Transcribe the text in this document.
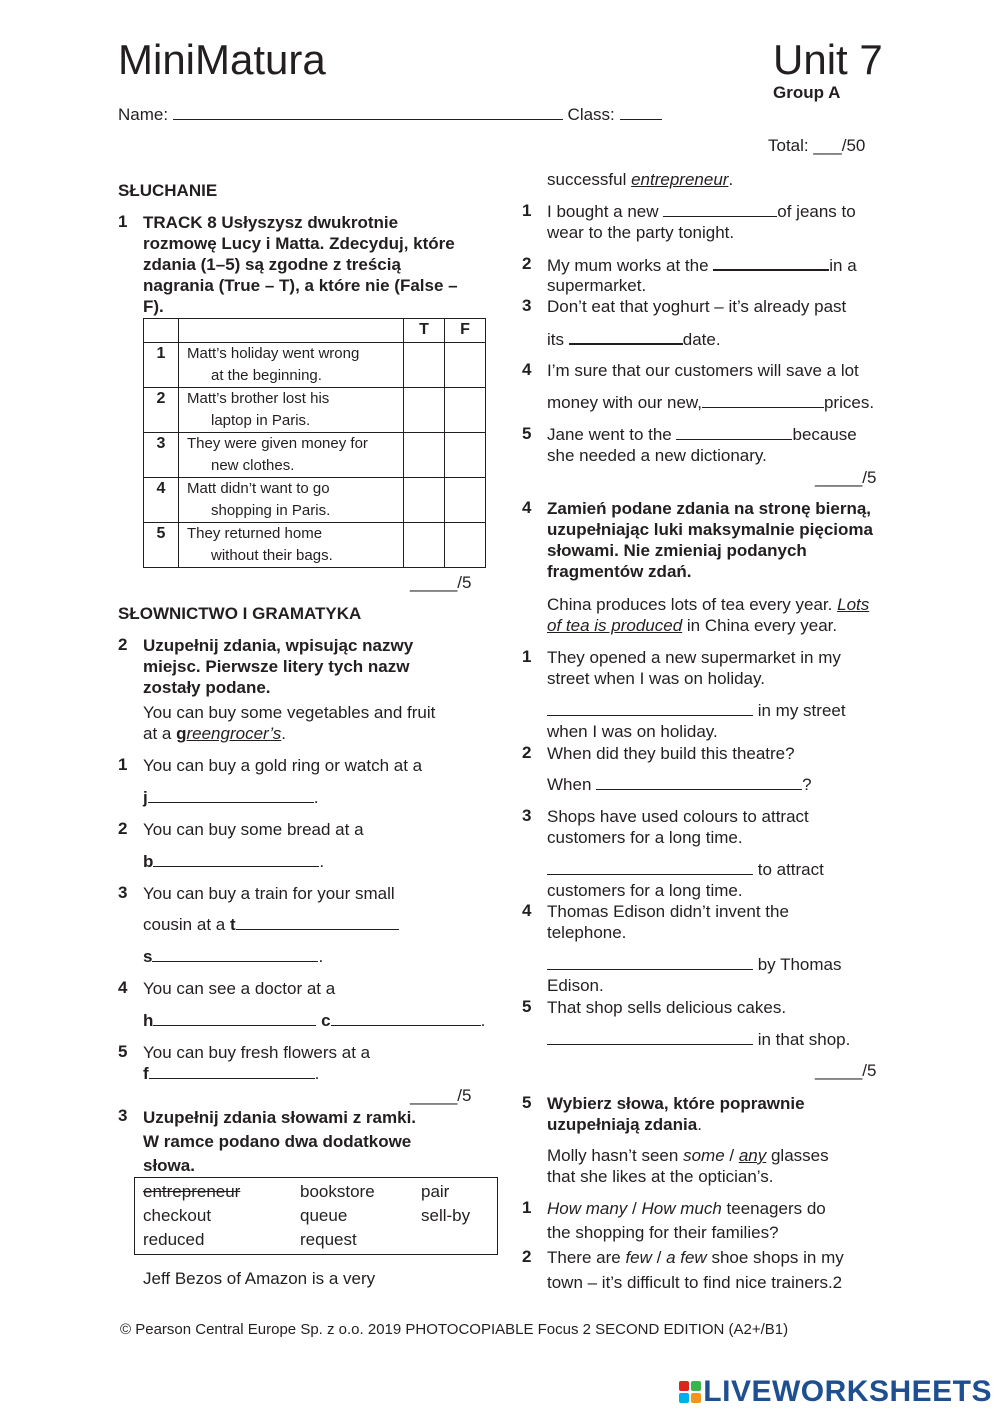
MiniMatura	Unit 7
Group A
Name:	Class:
Total: ___/50
SŁUCHANIE
1 TRACK 8 Usłyszysz dwukrotnie
rozmowę Lucy i Matta. Zdecyduj, które
zdania (1–5) są zgodne z treścią
nagrania (True – T), a które nie (False –
F).
		T	F
1	Matt’s holiday went wrong
at the beginning.		

2	Matt’s brother lost his
laptop in Paris.		

3	They were given money for
new clothes.		

4	Matt didn’t want to go
shopping in Paris.		

5	They returned home
without their bags.		

_____/5
SŁOWNICTWO I GRAMATYKA
2 Uzupełnij zdania, wpisując nazwy
miejsc. Pierwsze litery tych nazw
zostały podane.
You can buy some vegetables and fruit
at a greengrocer’s.
1 You can buy a gold ring or watch at a
j	.
2 You can buy some bread at a
b	.
3 You can buy a train for your small
cousin at a t
s	.
4 You can see a doctor at a
h	c	.
5 You can buy fresh flowers at a
f	.
_____/5
3 Uzupełnij zdania słowami z ramki.
W ramce podano dwa dodatkowe
słowa.
entrepreneur	bookstore	pair
checkout	queue	sell-by
reduced	request
Jeff Bezos of Amazon is a very
successful entrepreneur.
1 I bought a new	of jeans to
wear to the party tonight.
2 My mum works at the	in a
supermarket.
3 Don’t eat that yoghurt – it’s already past
its	date.
4 I’m sure that our customers will save a lot
money with our new,	prices.
5 Jane went to the	because
she needed a new dictionary.
_____/5
4 Zamień podane zdania na stronę bierną,
uzupełniając luki maksymalnie pięcioma
słowami. Nie zmieniaj podanych
fragmentów zdań.
China produces lots of tea every year. Lots
of tea is produced in China every year.
1 They opened a new supermarket in my
street when I was on holiday.
in my street
when I was on holiday.
2 When did they build this theatre?
When	?
3 Shops have used colours to attract
customers for a long time.
to attract
customers for a long time.
4 Thomas Edison didn’t invent the
telephone.
by Thomas
Edison.
5 That shop sells delicious cakes.
in that shop.
_____/5
5 Wybierz słowa, które poprawnie
uzupełniają zdania.
Molly hasn’t seen some / any glasses
that she likes at the optician’s.
1 How many / How much teenagers do
the shopping for their families?
2 There are few / a few shoe shops in my
town – it’s difficult to find nice trainers.2
© Pearson Central Europe Sp. z o.o. 2019 PHOTOCOPIABLE Focus 2 SECOND EDITION (A2+/B1)
LIVEWORKSHEETS
